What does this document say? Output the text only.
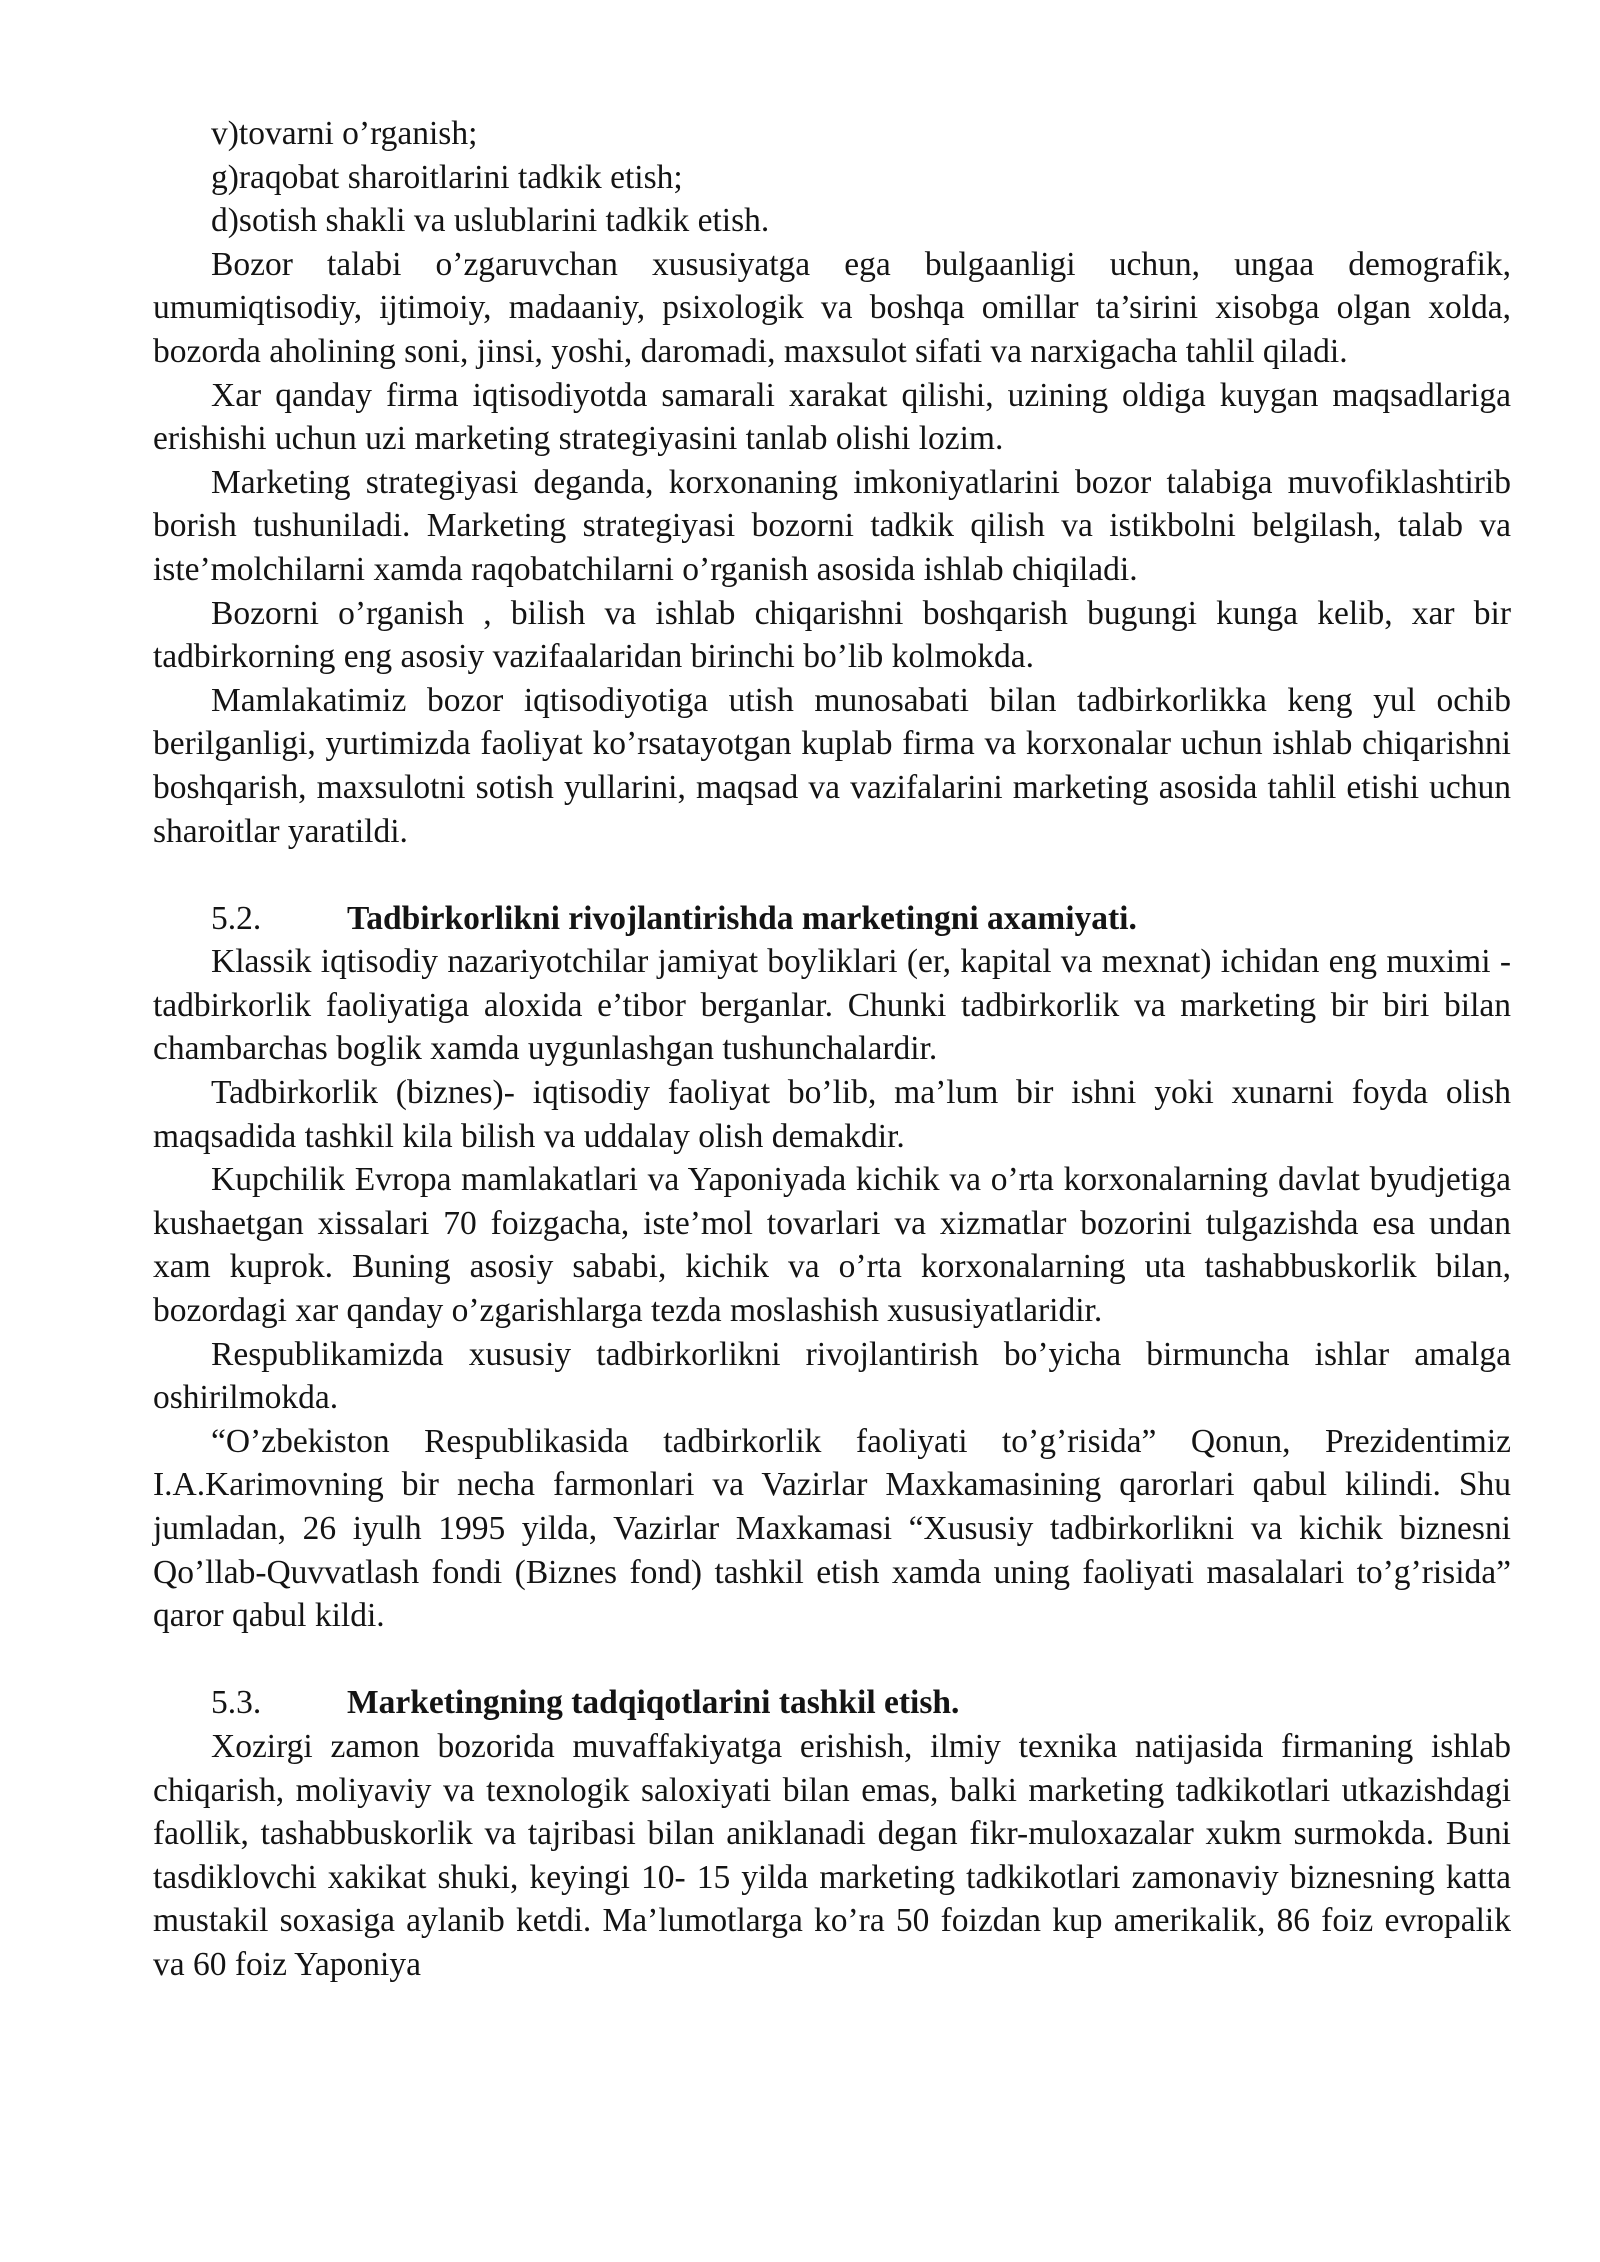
v)tovarni o’rganish;

g)raqobat sharoitlarini tadkik etish;

d)sotish shakli va uslublarini tadkik etish.

Bozor talabi o’zgaruvchan xususiyatga ega bulgaanligi uchun, ungaa demografik, umumiqtisodiy, ijtimoiy, madaaniy, psixologik va boshqa omillar ta’sirini xisobga olgan xolda, bozorda aholining soni, jinsi, yoshi, daromadi, maxsulot sifati va narxigacha tahlil qiladi.

Xar qanday firma iqtisodiyotda samarali xarakat qilishi, uzining oldiga kuygan maqsadlariga erishishi uchun uzi marketing strategiyasini tanlab olishi lozim.

Marketing strategiyasi deganda, korxonaning imkoniyatlarini bozor talabiga muvofiklashtirib borish tushuniladi. Marketing strategiyasi bozorni tadkik qilish va istikbolni belgilash, talab va iste’molchilarni xamda raqobatchilarni o’rganish asosida ishlab chiqiladi.

Bozorni o’rganish , bilish va ishlab chiqarishni boshqarish bugungi kunga kelib, xar bir tadbirkorning eng asosiy vazifaalaridan birinchi bo’lib kolmokda.

Mamlakatimiz bozor iqtisodiyotiga utish munosabati bilan tadbirkorlikka keng yul ochib berilganligi, yurtimizda faoliyat ko’rsatayotgan kuplab firma va korxonalar uchun ishlab chiqarishni boshqarish, maxsulotni sotish yullarini, maqsad va vazifalarini marketing asosida tahlil etishi uchun sharoitlar yaratildi.

5.2.	Tadbirkorlikni rivojlantirishda marketingni axamiyati.

Klassik iqtisodiy nazariyotchilar jamiyat boyliklari (er, kapital va mexnat) ichidan eng muximi - tadbirkorlik faoliyatiga aloxida e’tibor berganlar. Chunki tadbirkorlik va marketing bir biri bilan chambarchas boglik xamda uygunlashgan tushunchalardir.

Tadbirkorlik (biznes)- iqtisodiy faoliyat bo’lib, ma’lum bir ishni yoki xunarni foyda olish maqsadida tashkil kila bilish va uddalay olish demakdir.

Kupchilik Evropa mamlakatlari va Yaponiyada kichik va o’rta korxonalarning davlat byudjetiga kushaetgan xissalari 70 foizgacha, iste’mol tovarlari va xizmatlar bozorini tulgazishda esa undan xam kuprok. Buning asosiy sababi, kichik va o’rta korxonalarning uta tashabbuskorlik bilan, bozordagi xar qanday o’zgarishlarga tezda moslashish xususiyatlaridir.

Respublikamizda xususiy tadbirkorlikni rivojlantirish bo’yicha birmuncha ishlar amalga oshirilmokda.

“O’zbekiston Respublikasida tadbirkorlik faoliyati to’g’risida” Qonun, Prezidentimiz I.A.Karimovning bir necha farmonlari va Vazirlar Maxkamasining qarorlari qabul kilindi. Shu jumladan, 26 iyulh 1995 yilda, Vazirlar Maxkamasi “Xususiy tadbirkorlikni va kichik biznesni Qo’llab-Quvvatlash fondi (Biznes fond) tashkil etish xamda uning faoliyati masalalari to’g’risida” qaror qabul kildi.

5.3.	Marketingning tadqiqotlarini tashkil etish.

Xozirgi zamon bozorida muvaffakiyatga erishish, ilmiy texnika natijasida firmaning ishlab chiqarish, moliyaviy va texnologik saloxiyati bilan emas, balki marketing tadkikotlari utkazishdagi faollik, tashabbuskorlik va tajribasi bilan aniklanadi degan fikr-muloxazalar xukm surmokda. Buni tasdiklovchi xakikat shuki, keyingi 10- 15 yilda marketing tadkikotlari zamonaviy biznesning katta mustakil soxasiga aylanib ketdi. Ma’lumotlarga ko’ra 50 foizdan kup amerikalik, 86 foiz evropalik va 60 foiz Yaponiya
